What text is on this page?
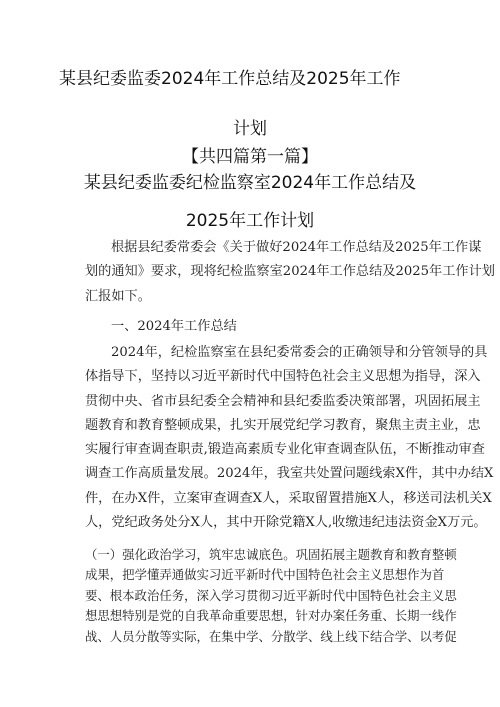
某县纪委监委2024年工作总结及2025年工作
计划
【共四篇第一篇】
某县纪委监委纪检监察室2024年工作总结及
2025年工作计划
根据县纪委常委会《关于做好2024年工作总结及2025年工作谋
划的通知》要求，现将纪检监察室2024年工作总结及2025年工作计划
汇报如下。
一、2024年工作总结
2024年，纪检监察室在县纪委常委会的正确领导和分管领导的具
体指导下，坚持以习近平新时代中国特色社会主义思想为指导，深入
贯彻中央、省市县纪委全会精神和县纪委监委决策部署，巩固拓展主
题教育和教育整顿成果，扎实开展党纪学习教育，聚焦主责主业，忠
实履行审查调查职责,锻造高素质专业化审查调查队伍，不断推动审查
调查工作高质量发展。2024年，我室共处置问题线索X件，其中办结X
件，在办X件，立案审查调查X人，采取留置措施X人，移送司法机关X
人，党纪政务处分X人，其中开除党籍X人,收缴违纪违法资金X万元。
（一）强化政治学习，筑牢忠诚底色。巩固拓展主题教育和教育整顿
成果，把学懂弄通做实习近平新时代中国特色社会主义思想作为首
要、根本政治任务，深入学习贯彻习近平新时代中国特色社会主义思
想思想特别是党的自我革命重要思想，针对办案任务重、长期一线作
战、人员分散等实际，在集中学、分散学、线上线下结合学、以考促
